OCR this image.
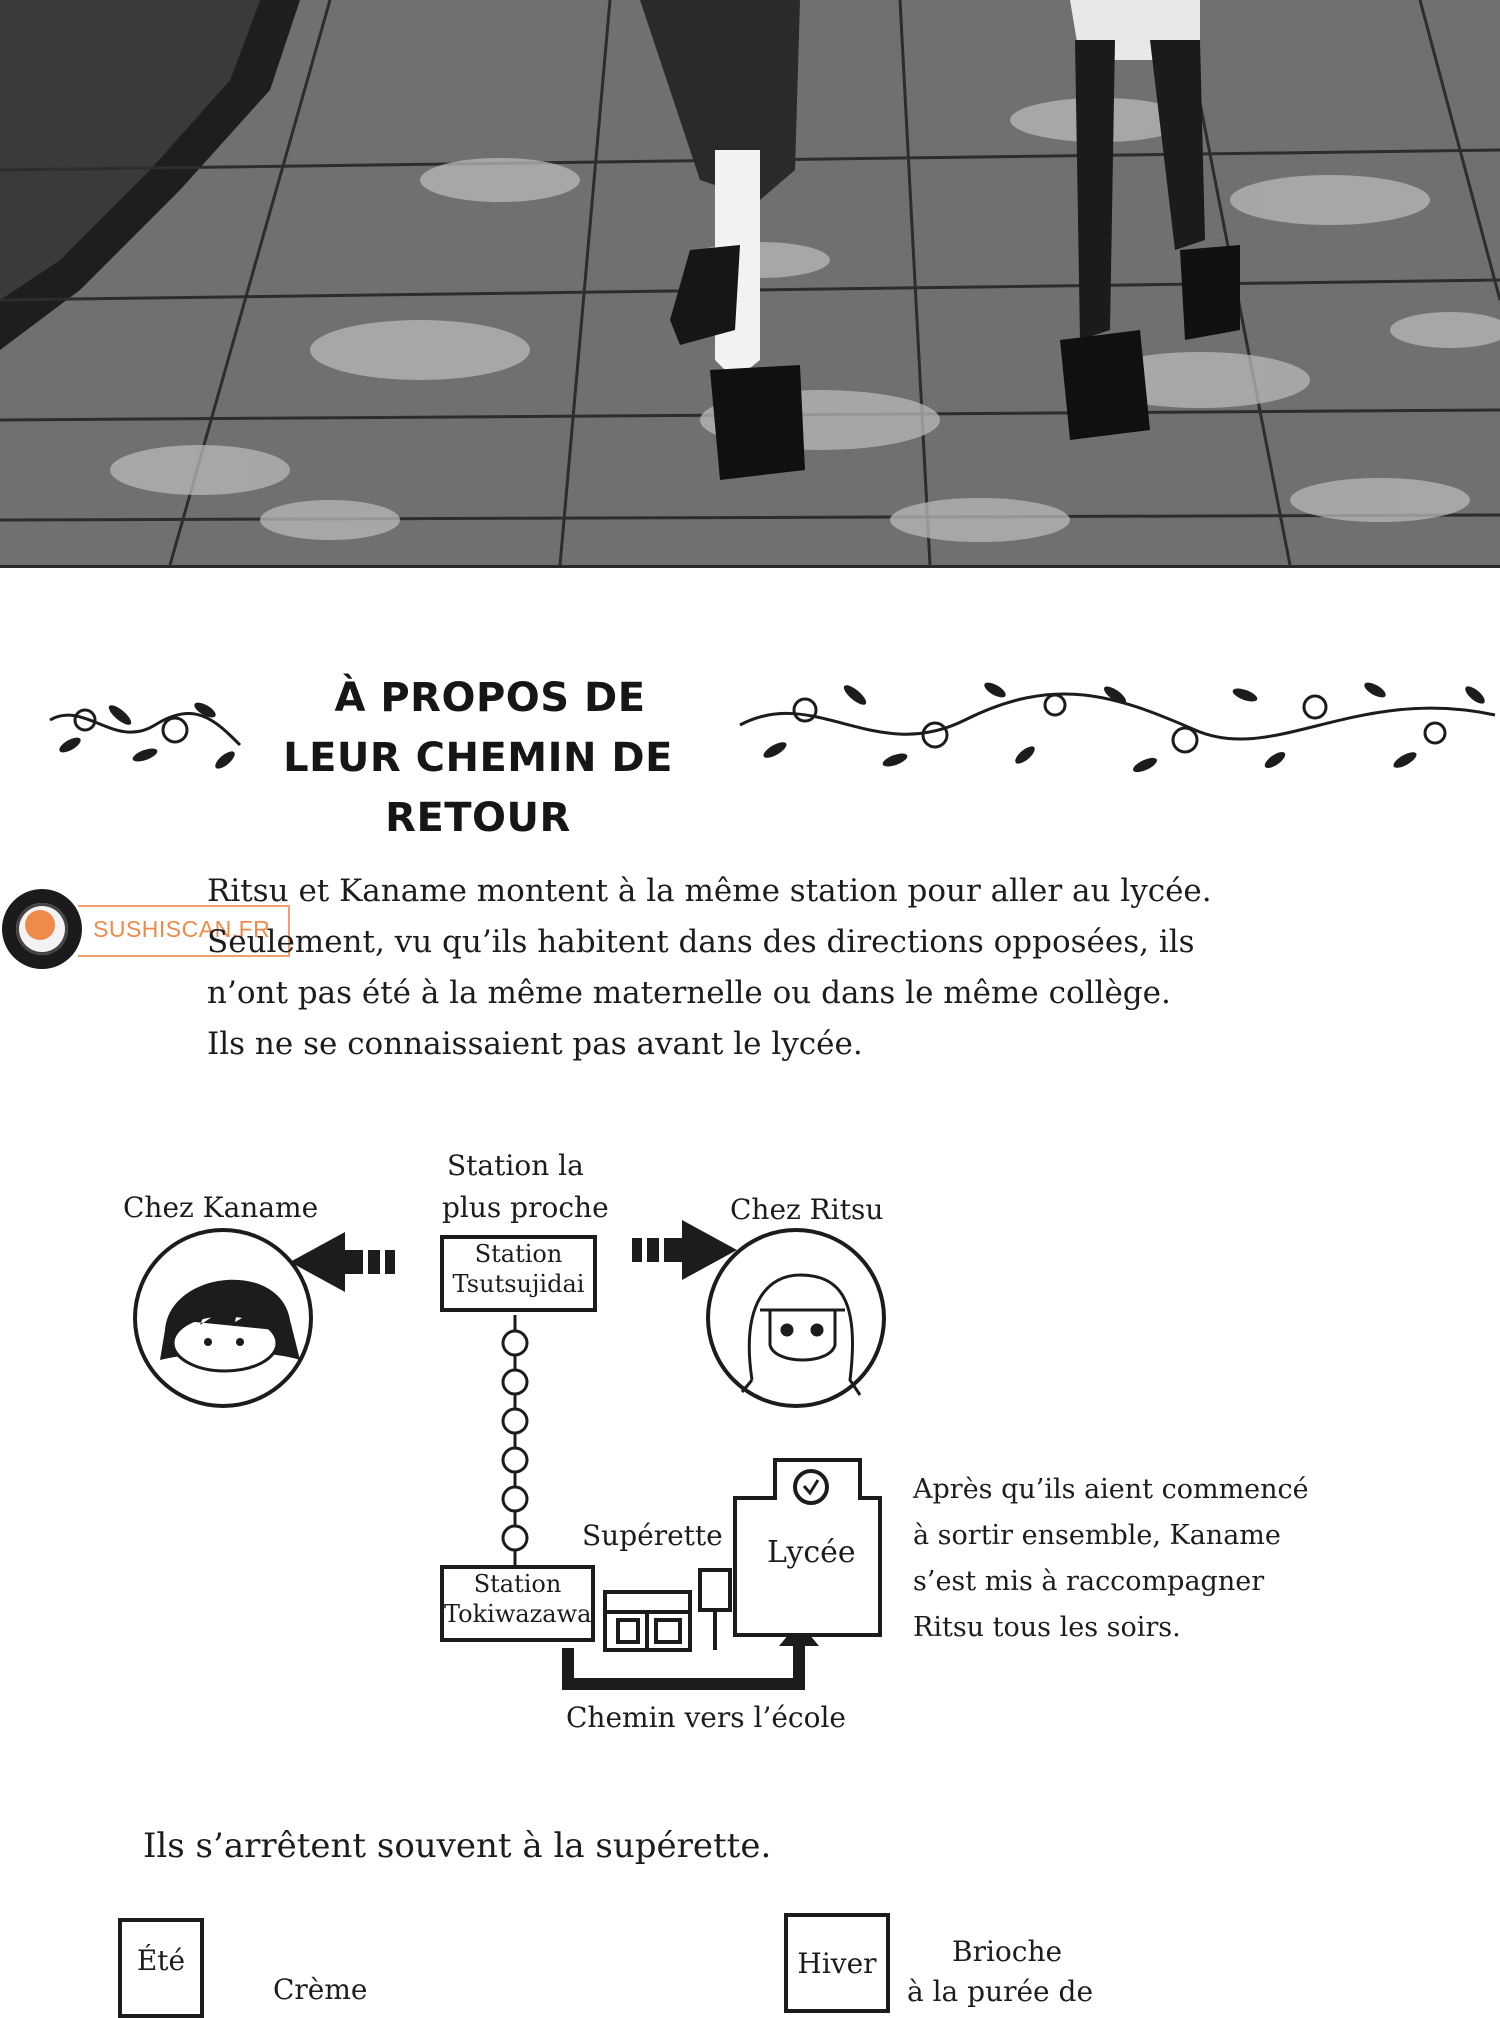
À PROPOS DE
LEUR CHEMIN DE RETOUR
SUSHISCAN.FR
Ritsu et Kaname montent à la même station pour aller au lycée.
Seulement, vu qu’ils habitent dans des directions opposées, ils
n’ont pas été à la même maternelle ou dans le même collège.
Ils ne se connaissaient pas avant le lycée.
Station la
plus proche
Station
Tsutsujidai
Chez Kaname	Chez Ritsu
Station
Tokiwazawa
Supérette Lycée
Chemin vers l’école
Après qu’ils aient commencé
à sortir ensemble, Kaname
s’est mis à raccompagner
Ritsu tous les soirs.
Ils s’arrêtent souvent à la supérette.
Été
Crème
Hiver	Brioche
à la purée de
